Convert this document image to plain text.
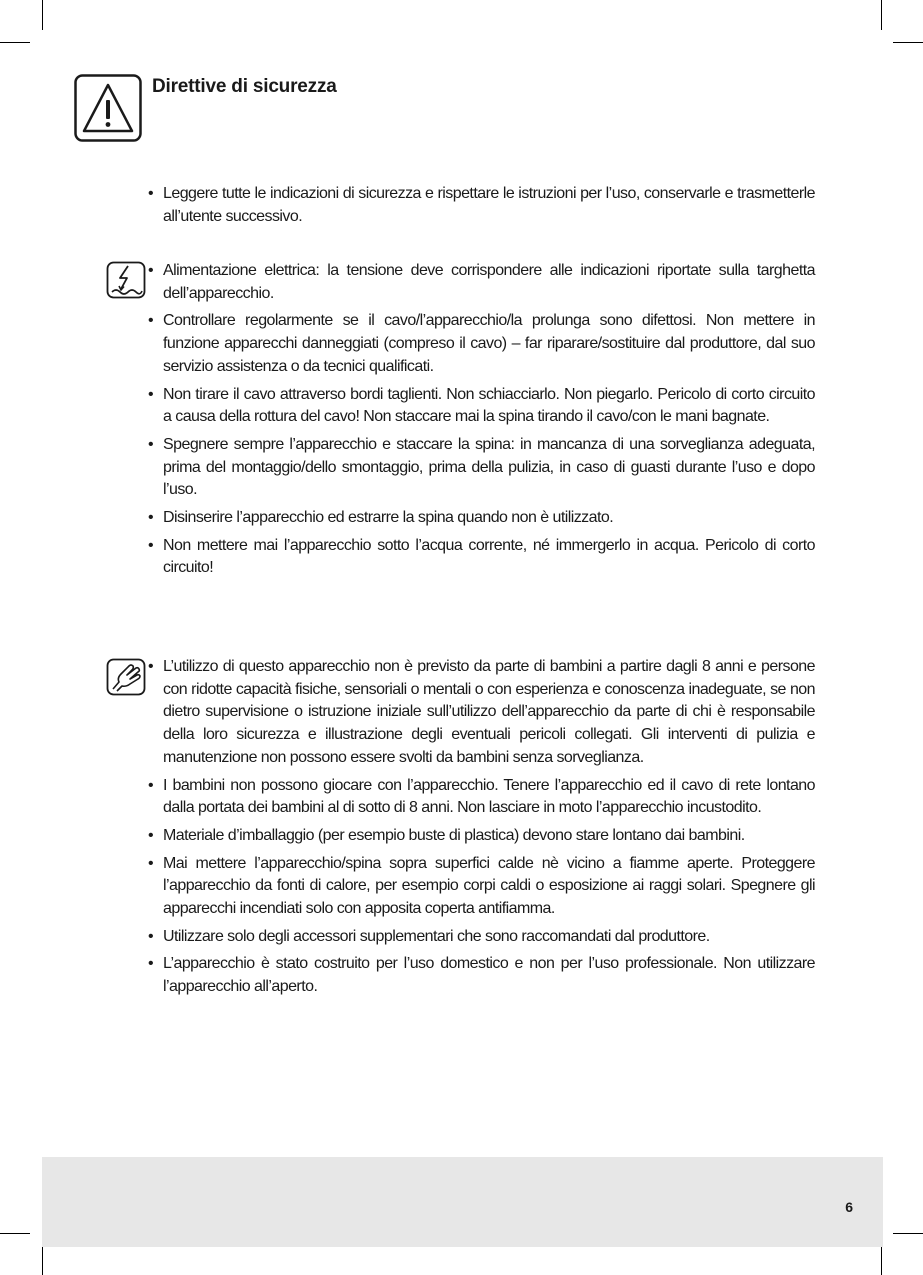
Direttive di sicurezza
• Leggere tutte le indicazioni di sicurezza e rispettare le istruzioni per l’uso, conservarle e trasmetterle all’utente successivo.
• Alimentazione elettrica: la tensione deve corrispondere alle indicazioni riportate sulla targhetta dell’apparecchio.
• Controllare regolarmente se il cavo/l’apparecchio/la prolunga sono difettosi. Non mettere in funzione apparecchi danneggiati (compreso il cavo) – far riparare/sostituire dal produttore, dal suo servizio assistenza o da tecnici qualificati.
• Non tirare il cavo attraverso bordi taglienti. Non schiacciarlo. Non piegarlo. Pericolo di corto circuito a causa della rottura del cavo! Non staccare mai la spina tirando il cavo/con le mani bagnate.
• Spegnere sempre l’apparecchio e staccare la spina: in mancanza di una sorveglianza adeguata, prima del montaggio/dello smontaggio, prima della pulizia, in caso di guasti durante l’uso e dopo l’uso.
• Disinserire l’apparecchio ed estrarre la spina quando non è utilizzato.
• Non mettere mai l’apparecchio sotto l’acqua corrente, né immergerlo in acqua. Pericolo di corto circuito!
• L’utilizzo di questo apparecchio non è previsto da parte di bambini a partire dagli 8 anni e persone con ridotte capacità fisiche, sensoriali o mentali o con esperienza e conoscenza inadeguate, se non dietro supervisione o istruzione iniziale sull’utilizzo dell’apparecchio da parte di chi è responsabile della loro sicurezza e illustrazione degli eventuali pericoli collegati. Gli interventi di pulizia e manutenzione non possono essere svolti da bambini senza sorveglianza.
• I bambini non possono giocare con l’apparecchio. Tenere l’apparecchio ed il cavo di rete lontano dalla portata dei bambini al di sotto di 8 anni. Non lasciare in moto l’apparecchio incustodito.
• Materiale d’imballaggio (per esempio buste di plastica) devono stare lontano dai bambini.
• Mai mettere l’apparecchio/spina sopra superfici calde nè vicino a fiamme aperte. Proteggere l’apparecchio da fonti di calore, per esempio corpi caldi o esposizione ai raggi solari. Spegnere gli apparecchi incendiati solo con apposita coperta antifiamma.
• Utilizzare solo degli accessori supplementari che sono raccomandati dal produttore.
• L’apparecchio è stato costruito per l’uso domestico e non per l’uso professionale. Non utilizzare l’apparecchio all’aperto.
6
